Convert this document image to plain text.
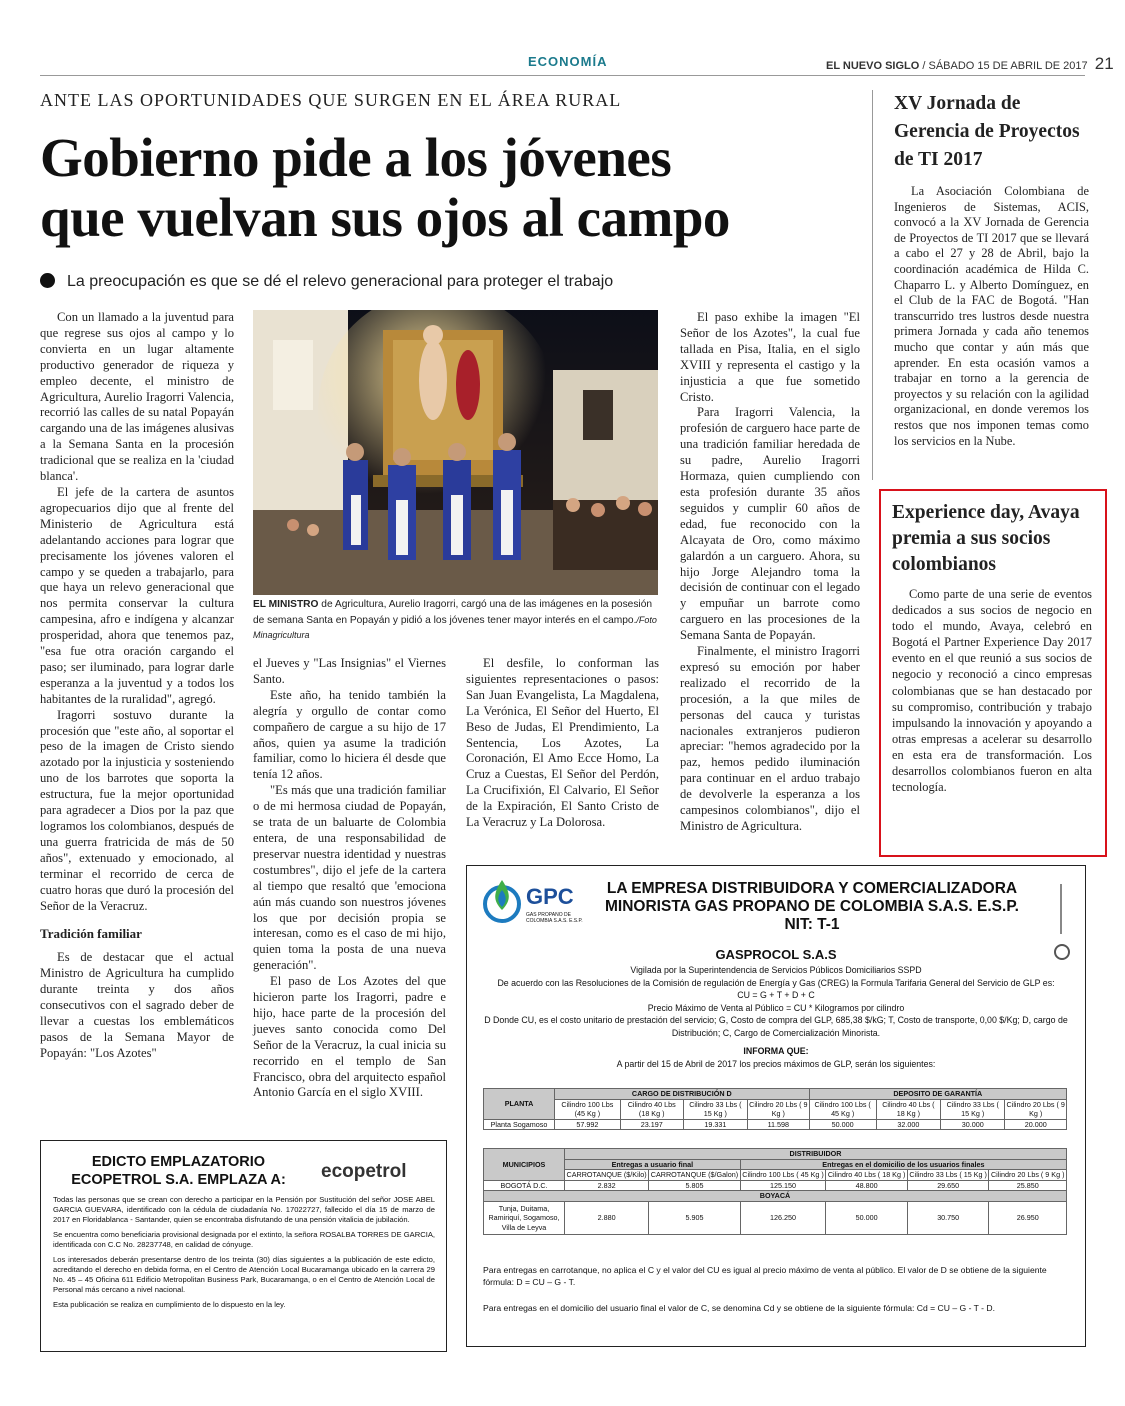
ECONOMÍA	EL NUEVO SIGLO / SÁBADO 15 DE ABRIL DE 2017 21
ANTE LAS OPORTUNIDADES QUE SURGEN EN EL ÁREA RURAL
Gobierno pide a los jóvenes
que vuelvan sus ojos al campo
La preocupación es que se dé el relevo generacional para proteger el trabajo

Con un llamado a la juventud para que regrese sus ojos al campo y lo convierta en un lugar altamente productivo generador de riqueza y empleo decente, el ministro de Agricultura, Aurelio Iragorri Valencia, recorrió las calles de su natal Popayán cargando una de las imágenes alusivas a la Semana Santa en la procesión tradicional que se realiza en la 'ciudad blanca'.

El jefe de la cartera de asuntos agropecuarios dijo que al frente del Ministerio de Agricultura está adelantando acciones para lograr que precisamente los jóvenes valoren el campo y se queden a trabajarlo, para que haya un relevo generacional que nos permita conservar la cultura campesina, afro e indígena y alcanzar prosperidad, ahora que tenemos paz, "esa fue otra oración cargando el paso; ser iluminado, para lograr darle esperanza a la juventud y a todos los habitantes de la ruralidad", agregó.

Iragorri sostuvo durante la procesión que "este año, al soportar el peso de la imagen de Cristo siendo azotado por la injusticia y sosteniendo uno de los barrotes que soporta la estructura, fue la mejor oportunidad para agradecer a Dios por la paz que logramos los colombianos, después de una guerra fratricida de más de 50 años", extenuado y emocionado, al terminar el recorrido de cerca de cuatro horas que duró la procesión del Señor de la Veracruz.

Tradición familiar

Es de destacar que el actual Ministro de Agricultura ha cumplido durante treinta y dos años consecutivos con el sagrado deber de llevar a cuestas los emblemáticos pasos de la Semana Mayor de Popayán: "Los Azotes"

EL MINISTRO de Agricultura, Aurelio Iragorri, cargó una de las imágenes en la posesión de semana Santa en Popayán y pidió a los jóvenes tener mayor interés en el campo./Foto Minagricultura

el Jueves y "Las Insignias" el Viernes Santo.

Este año, ha tenido también la alegría y orgullo de contar como compañero de cargue a su hijo de 17 años, quien ya asume la tradición familiar, como lo hiciera él desde que tenía 12 años.

"Es más que una tradición familiar o de mi hermosa ciudad de Popayán, se trata de un baluarte de Colombia entera, de una responsabilidad de preservar nuestra identidad y nuestras costumbres", dijo el jefe de la cartera al tiempo que resaltó que 'emociona aún más cuando son nuestros jóvenes los que por decisión propia se interesan, como es el caso de mi hijo, quien toma la posta de una nueva generación".

El paso de Los Azotes del que hicieron parte los Iragorri, padre e hijo, hace parte de la procesión del jueves santo conocida como Del Señor de la Veracruz, la cual inicia su recorrido en el templo de San Francisco, obra del arquitecto español Antonio García en el siglo XVIII.

El desfile, lo conforman las siguientes representaciones o pasos: San Juan Evangelista, La Magdalena, La Verónica, El Señor del Huerto, El Beso de Judas, El Prendimiento, La Sentencia, Los Azotes, La Coronación, El Amo Ecce Homo, La Cruz a Cuestas, El Señor del Perdón, La Crucifixión, El Calvario, El Señor de la Expiración, El Santo Cristo de La Veracruz y La Dolorosa.

El paso exhibe la imagen "El Señor de los Azotes", la cual fue tallada en Pisa, Italia, en el siglo XVIII y representa el castigo y la injusticia a que fue sometido Cristo.

Para Iragorri Valencia, la profesión de carguero hace parte de una tradición familiar heredada de su padre, Aurelio Iragorri Hormaza, quien cumpliendo con esta profesión durante 35 años seguidos y cumplir 60 años de edad, fue reconocido con la Alcayata de Oro, como máximo galardón a un carguero. Ahora, su hijo Jorge Alejandro toma la decisión de continuar con el legado y empuñar un barrote como carguero en las procesiones de la Semana Santa de Popayán.

Finalmente, el ministro Iragorri expresó su emoción por haber realizado el recorrido de la procesión, a la que miles de personas del cauca y turistas nacionales extranjeros pudieron apreciar: "hemos agradecido por la paz, hemos pedido iluminación para continuar en el arduo trabajo de devolverle la esperanza a los campesinos colombianos", dijo el Ministro de Agricultura.

XV Jornada de Gerencia de Proyectos de TI 2017

La Asociación Colombiana de Ingenieros de Sistemas, ACIS, convocó a la XV Jornada de Gerencia de Proyectos de TI 2017 que se llevará a cabo el 27 y 28 de Abril, bajo la coordinación académica de Hilda C. Chaparro L. y Alberto Domínguez, en el Club de la FAC de Bogotá. "Han transcurrido tres lustros desde nuestra primera Jornada y cada año tenemos mucho que contar y aún más que aprender. En esta ocasión vamos a trabajar en torno a la gerencia de proyectos y su relación con la agilidad organizacional, en donde veremos los restos que nos imponen temas como los servicios en la Nube.

Experience day, Avaya premia a sus socios colombianos

Como parte de una serie de eventos dedicados a sus socios de negocio en todo el mundo, Avaya, celebró en Bogotá el Partner Experience Day 2017 evento en el que reunió a sus socios de negocio y reconoció a cinco empresas colombianas que se han destacado por su compromiso, contribución y trabajo impulsando la innovación y apoyando a otras empresas a acelerar su desarrollo en esta era de transformación. Los desarrollos colombianos fueron en alta tecnología.

EDICTO EMPLAZATORIO
ECOPETROL S.A. EMPLAZA A:	ecopetrol
Todas las personas que se crean con derecho a participar en la Pensión por Sustitución del señor JOSE ABEL GARCIA GUEVARA, identificado con la cédula de ciudadanía No. 17022727, fallecido el día 15 de marzo de 2017 en Floridablanca - Santander, quien se encontraba disfrutando de una pensión vitalicia de jubilación.
Se encuentra como beneficiaria provisional designada por el extinto, la señora ROSALBA TORRES DE GARCIA, identificada con C.C No. 28237748, en calidad de cónyuge.
Los interesados deberán presentarse dentro de los treinta (30) días siguientes a la publicación de este edicto, acreditando el derecho en debida forma, en el Centro de Atención Local Bucaramanga ubicado en la carrera 29 No. 45 – 45 Oficina 611 Edificio Metropolitan Business Park, Bucaramanga, o en el Centro de Atención Local de Personal más cercano a nivel nacional.
Esta publicación se realiza en cumplimiento de lo dispuesto en la ley.
GPC
GAS PROPANO DE COLOMBIA S.A.S. E.S.P.
LA EMPRESA DISTRIBUIDORA Y COMERCIALIZADORA
MINORISTA GAS PROPANO DE COLOMBIA S.A.S. E.S.P.
NIT: T-1
GASPROCOL S.A.S
Vigilada por la Superintendencia de Servicios Públicos Domiciliarios SSPD
De acuerdo con las Resoluciones de la Comisión de regulación de Energía y Gas (CREG) la Formula Tarifaria General del Servicio de GLP es:
CU = G + T + D + C
Precio Máximo de Venta al Público = CU * Kilogramos por cilindro
D Donde CU, es el costo unitario de prestación del servicio; G, Costo de compra del GLP, 685,38 $/kG; T, Costo de transporte, 0,00 $/Kg; D, cargo de Distribución; C, Cargo de Comercialización Minorista.
INFORMA QUE:
A partir del 15 de Abril de 2017 los precios máximos de GLP, serán los siguientes:
PLANTA	CARGO DE DISTRIBUCIÓN D				DEPOSITO DE GARANTÍA			
	Cilindro 100 Lbs (45 Kg )	Cilindro 40 Lbs (18 Kg )	Cilindro 33 Lbs ( 15 Kg )	Cilindro 20 Lbs ( 9 Kg )	Cilindro 100 Lbs ( 45 Kg )	Cilindro 40 Lbs ( 18 Kg )	Cilindro 33 Lbs ( 15 Kg )	Cilindro 20 Lbs ( 9 Kg )
Planta Sogamoso	57.992	23.197	19.331	11.598	50.000	32.000	30.000	20.000
MUNICIPIOS	DISTRIBUIDOR					
	Entregas a usuario final		Entregas en el domicilio de los usuarios finales			
	CARROTANQUE ($/Kilo)	CARROTANQUE ($/Galon)	Cilindro 100 Lbs ( 45 Kg )	Cilindro 40 Lbs ( 18 Kg )	Cilindro 33 Lbs ( 15 Kg )	Cilindro 20 Lbs ( 9 Kg )
BOGOTÁ D.C.	2.832	5.805	125.150	48.800	29.650	25.850
BOYACÁ						
Tunja, Duitama, Ramiriquí, Sogamoso, Villa de Leyva	2.880	5.905	126.250	50.000	30.750	26.950
Para entregas en carrotanque, no aplica el C y el valor del CU es igual al precio máximo de venta al público. El valor de D se obtiene de la siguiente fórmula: D = CU – G - T.
Para entregas en el domicilio del usuario final el valor de C, se denomina Cd y se obtiene de la siguiente fórmula: Cd = CU – G - T - D.
